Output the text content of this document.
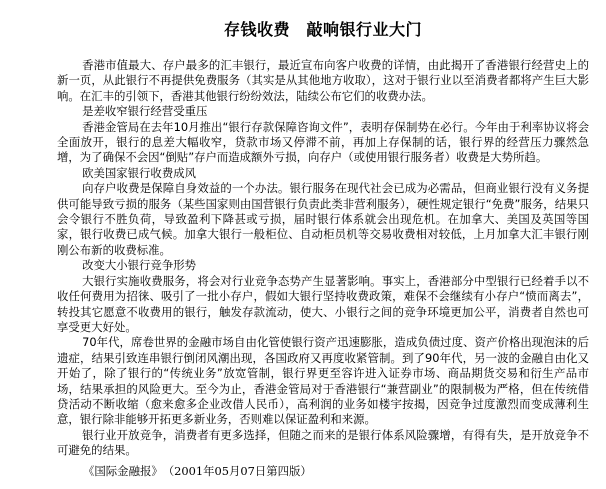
存钱收费　敲响银行业大门

香港市值最大、存户最多的汇丰银行，最近宣布向客户收费的详情，由此揭开了香港银行经营史上的新一页，从此银行不再提供免费服务（其实是从其他地方收取），这对于银行业以至消费者都将产生巨大影响。在汇丰的引领下，香港其他银行纷纷效法，陆续公布它们的收费办法。

是差收窄银行经营受重压

香港金管局在去年10月推出“银行存款保障咨询文件”，表明存保制势在必行。今年由于利率协议将会全面放开，银行的息差大幅收窄，贷款市场又停滞不前，再加上存保制的话，银行界的经营压力骤然急增，为了确保不会因“倒贴”存户而造成额外亏损，向存户（或使用银行服务者）收费是大势所趋。

欧美国家银行收费成风

向存户收费是保障自身效益的一个办法。银行服务在现代社会已成为必需品，但商业银行没有义务提供可能导致亏损的服务（某些国家则由国营银行负责此类非营利服务），硬性规定银行“免费”服务，结果只会令银行不胜负荷，导致盈利下降甚或亏损，届时银行体系就会出现危机。在加拿大、美国及英国等国家，银行收费已成气候。加拿大银行一般柜位、自动柜员机等交易收费相对较低，上月加拿大汇丰银行刚刚公布新的收费标准。

改变大小银行竞争形势

大银行实施收费服务，将会对行业竞争态势产生显著影响。事实上，香港部分中型银行已经着手以不收任何费用为招徕、吸引了一批小存户，假如大银行坚持收费政策，难保不会继续有小存户“愤而离去”，转投其它愿意不收费用的银行，触发存款流动，使大、小银行之间的竞争环境更加公平，消费者自然也可享受更大好处。

70年代，席卷世界的金融市场自由化管使银行资产迅速膨胀，造成负债过度、资产价格出现泡沫的后遗症，结果引致连串银行倒闭风潮出现，各国政府又再度收紧管制。到了90年代，另一波的金融自由化又开始了，除了银行的“传统业务”放宽管制，银行界更至容许进入证券市场、商品期货交易和衍生产品市场，结果承担的风险更大。至今为止，香港金管局对于香港银行“兼营副业”的限制极为严格，但在传统借贷活动不断收缩（愈来愈多企业改借人民币），高利润的业务如楼宇按揭，因竞争过度激烈而变成薄利生意，银行除非能够开拓更多新业务，否则难以保证盈利和来源。

银行业开放竞争，消费者有更多选择，但随之而来的是银行体系风险骤增，有得有失，是开放竞争不可避免的结果。

《国际金融报》　（2001年05月07日第四版）
